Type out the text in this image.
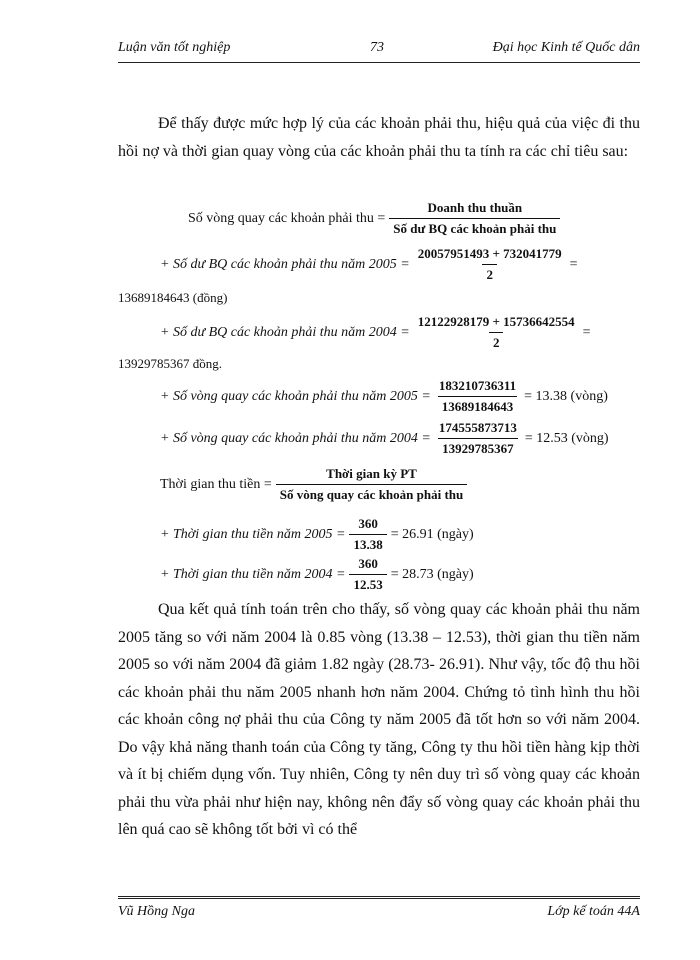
Luận văn tốt nghiệp	73	Đại học Kinh tế Quốc dân
Để thấy được mức hợp lý của các khoản phải thu, hiệu quả của việc đi thu hồi nợ và thời gian quay vòng của các khoản phải thu ta tính ra các chỉ tiêu sau:
Số vòng quay các khoản phải thu = $\frac{\text{Doanh thu thuần}}{\text{Số dư BQ các khoản phải thu}}$
+ Số dư BQ các khoản phải thu năm $2005 = \frac{20057951493 + 732041779}{2}$ =
13689184643 (đồng)
+ Số dư BQ các khoản phải thu năm $2004 = \frac{12122928179 + 15736642554}{2}$ =
13929785367 đồng.
+ Số vòng quay các khoản phải thu năm $2005 = \frac{183210736311}{13689184643} = 13.38$ (vòng)
+ Số vòng quay các khoản phải thu năm $2004 = \frac{174555873713}{13929785367} = 12.53$ (vòng)
Thời gian thu tiền = $\frac{\text{Thời gian kỳ PT}}{\text{Số vòng quay các khoản phải thu}}$
+ Thời gian thu tiền năm $2005 = \frac{360}{13.38} = 26.91$ (ngày)
+ Thời gian thu tiền năm $2004 = \frac{360}{12.53} = 28.73$ (ngày)
Qua kết quả tính toán trên cho thấy, số vòng quay các khoản phải thu năm 2005 tăng so với năm 2004 là 0.85 vòng (13.38 – 12.53), thời gian thu tiền năm 2005 so với năm 2004 đã giảm 1.82 ngày (28.73- 26.91). Như vậy, tốc độ thu hồi các khoản phải thu năm 2005 nhanh hơn năm 2004. Chứng tỏ tình hình thu hồi các khoản công nợ phải thu của Công ty năm 2005 đã tốt hơn so với năm 2004. Do vậy khả năng thanh toán của Công ty tăng, Công ty thu hồi tiền hàng kịp thời và ít bị chiếm dụng vốn. Tuy nhiên, Công ty nên duy trì số vòng quay các khoản phải thu vừa phải như hiện nay, không nên đẩy số vòng quay các khoản phải thu lên quá cao sẽ không tốt bởi vì có thể
Vũ Hồng Nga	Lớp kế toán 44A
